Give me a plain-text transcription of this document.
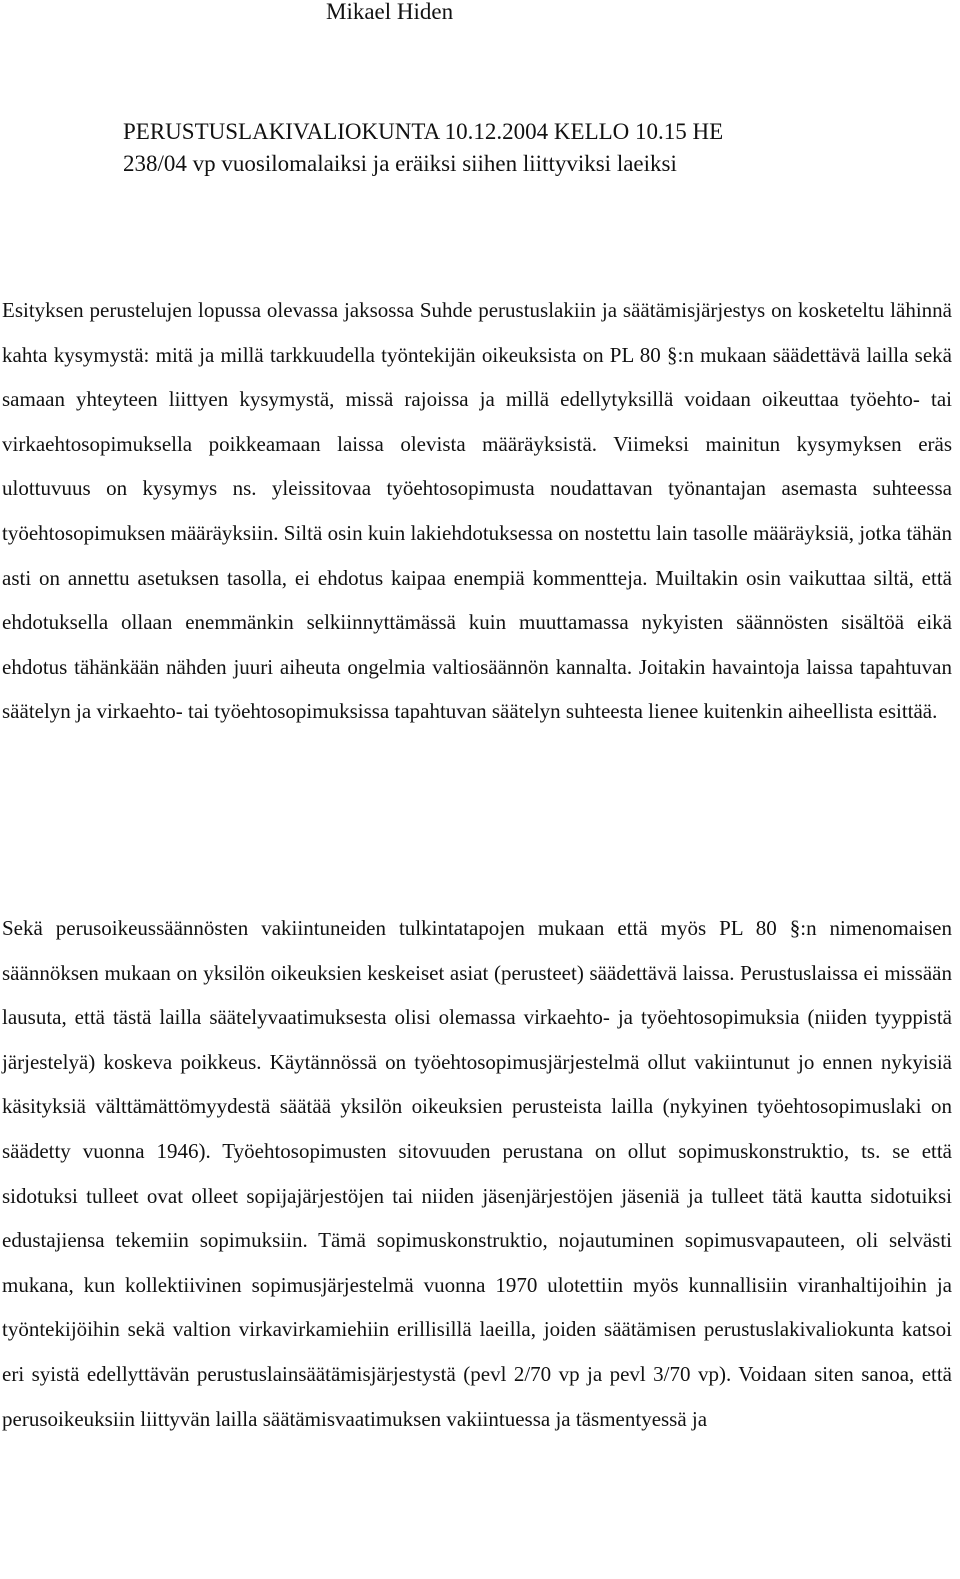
Mikael Hiden

PERUSTUSLAKIVALIOKUNTA 10.12.2004 KELLO 10.15 HE
238/04 vp vuosilomalaiksi ja eräiksi siihen liittyviksi laeiksi

Esityksen perustelujen lopussa olevassa jaksossa Suhde perustuslakiin ja säätämisjärjestys on kosketeltu lähinnä kahta kysymystä: mitä ja millä tarkkuudella työntekijän oikeuksista on PL 80 §:n mukaan säädettävä lailla sekä samaan yhteyteen liittyen kysymystä, missä rajoissa ja millä edellytyksillä voidaan oikeuttaa työehto- tai virkaehtosopimuksella poikkeamaan laissa olevista määräyksistä. Viimeksi mainitun kysymyksen eräs ulottuvuus on kysymys ns. yleissitovaa työehtosopimusta noudattavan työnantajan asemasta suhteessa työehtosopimuksen määräyksiin. Siltä osin kuin lakiehdotuksessa on nostettu lain tasolle määräyksiä, jotka tähän asti on annettu asetuksen tasolla, ei ehdotus kaipaa enempiä kommentteja. Muiltakin osin vaikuttaa siltä, että ehdotuksella ollaan enemmänkin selkiinnyttämässä kuin muuttamassa nykyisten säännösten sisältöä eikä ehdotus tähänkään nähden juuri aiheuta ongelmia valtiosäännön kannalta. Joitakin havaintoja laissa tapahtuvan säätelyn ja virkaehto- tai työehtosopimuksissa tapahtuvan säätelyn suhteesta lienee kuitenkin aiheellista esittää.

Sekä perusoikeussäännösten vakiintuneiden tulkintatapojen mukaan että myös PL 80 §:n nimenomaisen säännöksen mukaan on yksilön oikeuksien keskeiset asiat (perusteet) säädettävä laissa. Perustuslaissa ei missään lausuta, että tästä lailla säätelyvaatimuksesta olisi olemassa virkaehto- ja työehtosopimuksia (niiden tyyppistä järjestelyä) koskeva poikkeus. Käytännössä on työehtosopimusjärjestelmä ollut vakiintunut jo ennen nykyisiä käsityksiä välttämättömyydestä säätää yksilön oikeuksien perusteista lailla (nykyinen työehtosopimuslaki on säädetty vuonna 1946). Työehtosopimusten sitovuuden perustana on ollut sopimuskonstruktio, ts. se että sidotuksi tulleet ovat olleet sopijajärjestöjen tai niiden jäsenjärjestöjen jäseniä ja tulleet tätä kautta sidotuiksi edustajiensa tekemiin sopimuksiin. Tämä sopimuskonstruktio, nojautuminen sopimusvapauteen, oli selvästi mukana, kun kollektiivinen sopimusjärjestelmä vuonna 1970 ulotettiin myös kunnallisiin viranhaltijoihin ja työntekijöihin sekä valtion virkavirkamiehiin erillisillä laeilla, joiden säätämisen perustuslakivaliokunta katsoi eri syistä edellyttävän perustuslainsäätämisjärjestystä (pevl 2/70 vp ja pevl 3/70 vp). Voidaan siten sanoa, että perusoikeuksiin liittyvän lailla säätämisvaatimuksen vakiintuessa ja täsmentyessä ja
